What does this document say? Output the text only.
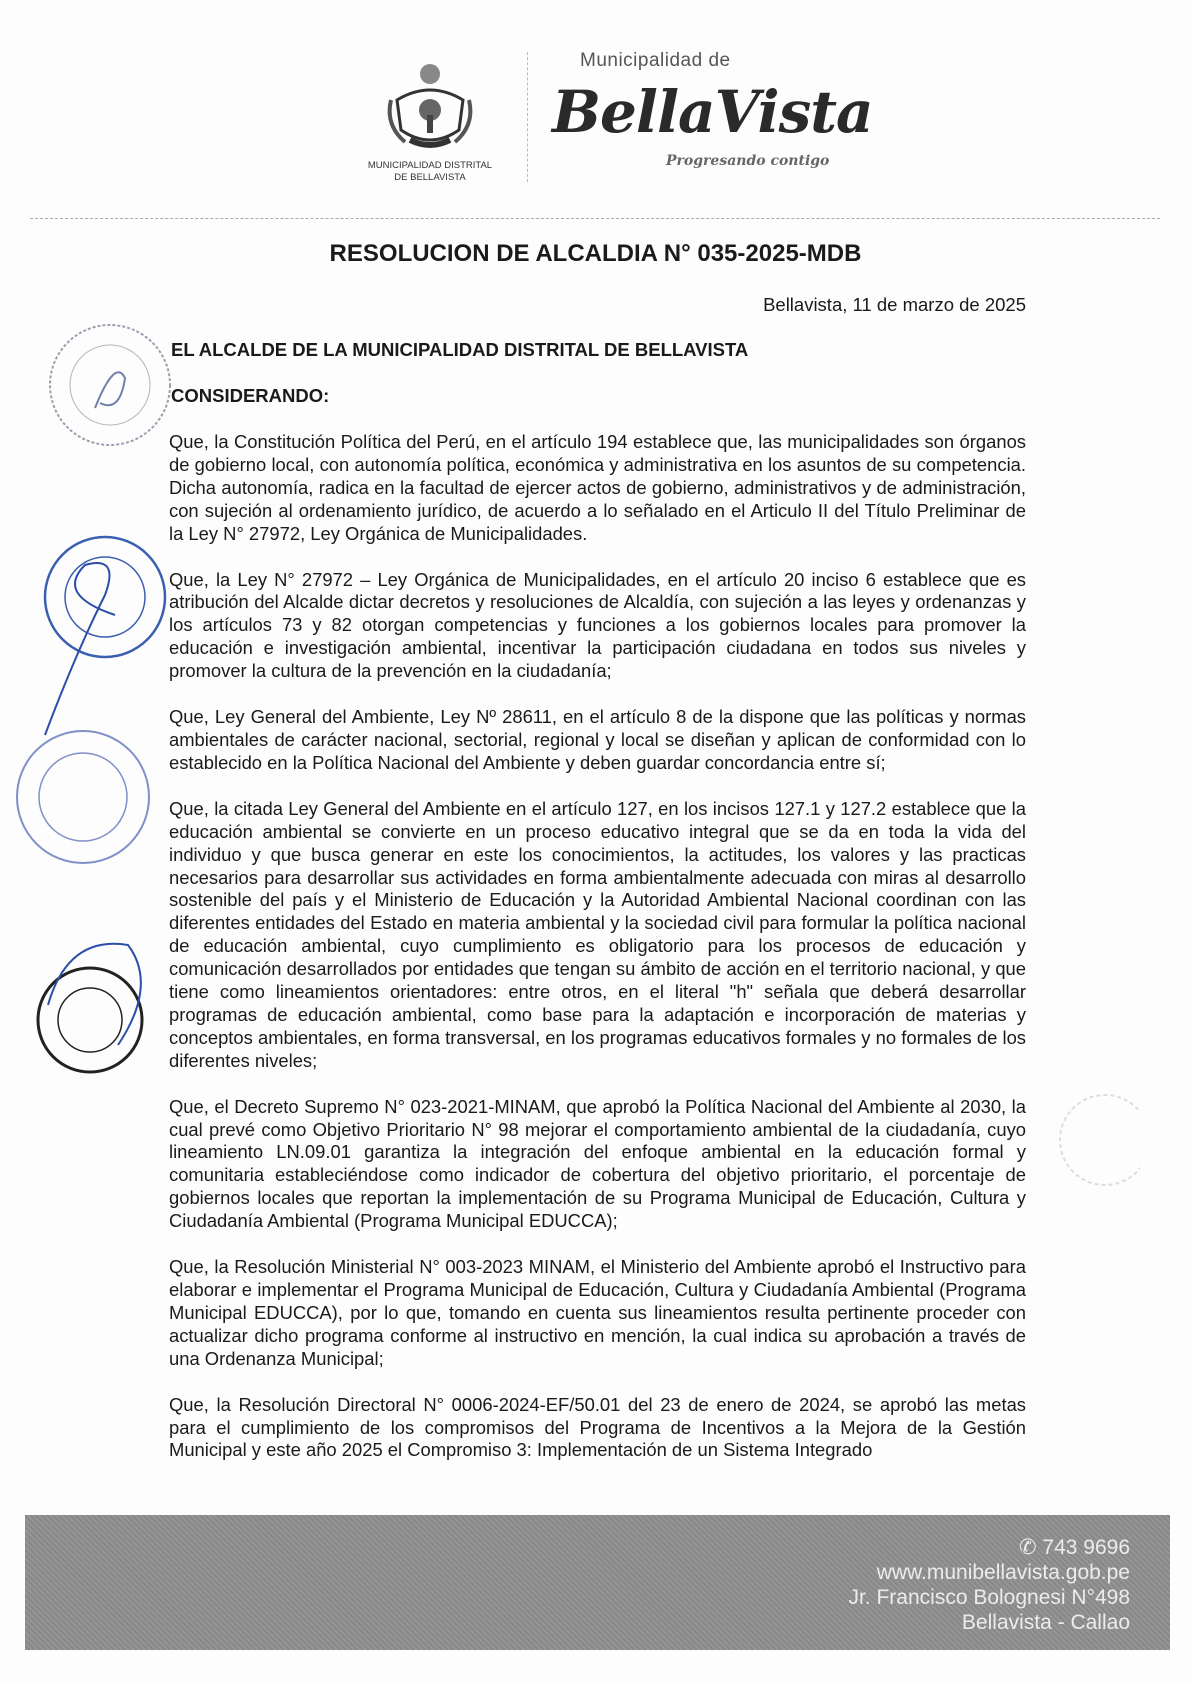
MUNICIPALIDAD DISTRITAL
DE BELLAVISTA
Municipalidad de
BellaVista
Progresando contigo
RESOLUCION DE ALCALDIA N° 035-2025-MDB
Bellavista, 11 de marzo de 2025
EL ALCALDE DE LA MUNICIPALIDAD DISTRITAL DE BELLAVISTA
CONSIDERANDO:

Que, la Constitución Política del Perú, en el artículo 194 establece que, las municipalidades son órganos de gobierno local, con autonomía política, económica y administrativa en los asuntos de su competencia. Dicha autonomía, radica en la facultad de ejercer actos de gobierno, administrativos y de administración, con sujeción al ordenamiento jurídico, de acuerdo a lo señalado en el Articulo II del Título Preliminar de la Ley N° 27972, Ley Orgánica de Municipalidades.

Que, la Ley N° 27972 – Ley Orgánica de Municipalidades, en el artículo 20 inciso 6 establece que es atribución del Alcalde dictar decretos y resoluciones de Alcaldía, con sujeción a las leyes y ordenanzas y los artículos 73 y 82 otorgan competencias y funciones a los gobiernos locales para promover la educación e investigación ambiental, incentivar la participación ciudadana en todos sus niveles y promover la cultura de la prevención en la ciudadanía;

Que, Ley General del Ambiente, Ley Nº 28611, en el artículo 8 de la dispone que las políticas y normas ambientales de carácter nacional, sectorial, regional y local se diseñan y aplican de conformidad con lo establecido en la Política Nacional del Ambiente y deben guardar concordancia entre sí;

Que, la citada Ley General del Ambiente en el artículo 127, en los incisos 127.1 y 127.2 establece que la educación ambiental se convierte en un proceso educativo integral que se da en toda la vida del individuo y que busca generar en este los conocimientos, la actitudes, los valores y las practicas necesarios para desarrollar sus actividades en forma ambientalmente adecuada con miras al desarrollo sostenible del país y el Ministerio de Educación y la Autoridad Ambiental Nacional coordinan con las diferentes entidades del Estado en materia ambiental y la sociedad civil para formular la política nacional de educación ambiental, cuyo cumplimiento es obligatorio para los procesos de educación y comunicación desarrollados por entidades que tengan su ámbito de acción en el territorio nacional, y que tiene como lineamientos orientadores: entre otros, en el literal "h" señala que deberá desarrollar programas de educación ambiental, como base para la adaptación e incorporación de materias y conceptos ambientales, en forma transversal, en los programas educativos formales y no formales de los diferentes niveles;

Que, el Decreto Supremo N° 023-2021-MINAM, que aprobó la Política Nacional del Ambiente al 2030, la cual prevé como Objetivo Prioritario N° 98 mejorar el comportamiento ambiental de la ciudadanía, cuyo lineamiento LN.09.01 garantiza la integración del enfoque ambiental en la educación formal y comunitaria estableciéndose como indicador de cobertura del objetivo prioritario, el porcentaje de gobiernos locales que reportan la implementación de su Programa Municipal de Educación, Cultura y Ciudadanía Ambiental (Programa Municipal EDUCCA);

Que, la Resolución Ministerial N° 003-2023 MINAM, el Ministerio del Ambiente aprobó el Instructivo para elaborar e implementar el Programa Municipal de Educación, Cultura y Ciudadanía Ambiental (Programa Municipal EDUCCA), por lo que, tomando en cuenta sus lineamientos resulta pertinente proceder con actualizar dicho programa conforme al instructivo en mención, la cual indica su aprobación a través de una Ordenanza Municipal;

Que, la Resolución Directoral N° 0006-2024-EF/50.01 del 23 de enero de 2024, se aprobó las metas para el cumplimiento de los compromisos del Programa de Incentivos a la Mejora de la Gestión Municipal y este año 2025 el Compromiso 3: Implementación de un Sistema Integrado

✆ 743 9696
www.munibellavista.gob.pe
Jr. Francisco Bolognesi N°498
Bellavista - Callao
